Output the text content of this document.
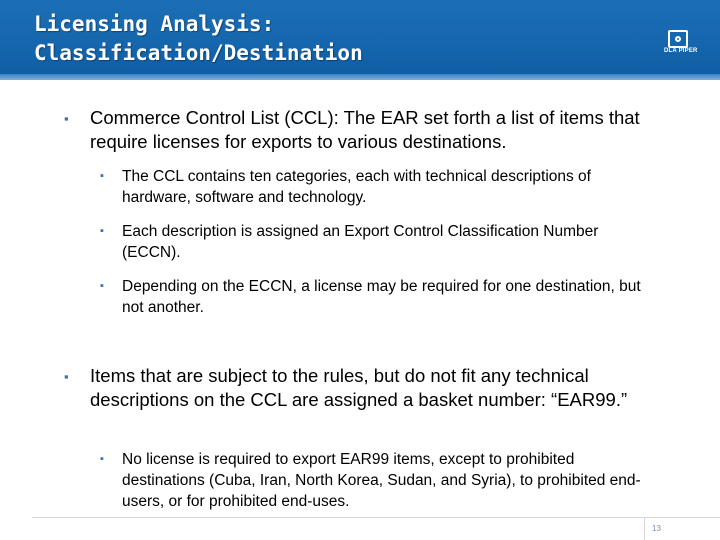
Licensing Analysis:
Classification/Destination	DLA PIPER
▪ Commerce Control List (CCL): The EAR set forth a list of items that require licenses for exports to various destinations.
▪ The CCL contains ten categories, each with technical descriptions of hardware, software and technology.
▪ Each description is assigned an Export Control Classification Number (ECCN).
▪ Depending on the ECCN, a license may be required for one destination, but not another.
▪ Items that are subject to the rules, but do not fit any technical descriptions on the CCL are assigned a basket number: “EAR99.”
▪ No license is required to export EAR99 items, except to prohibited destinations (Cuba, Iran, North Korea, Sudan, and Syria), to prohibited end-users, or for prohibited end-uses.
13
